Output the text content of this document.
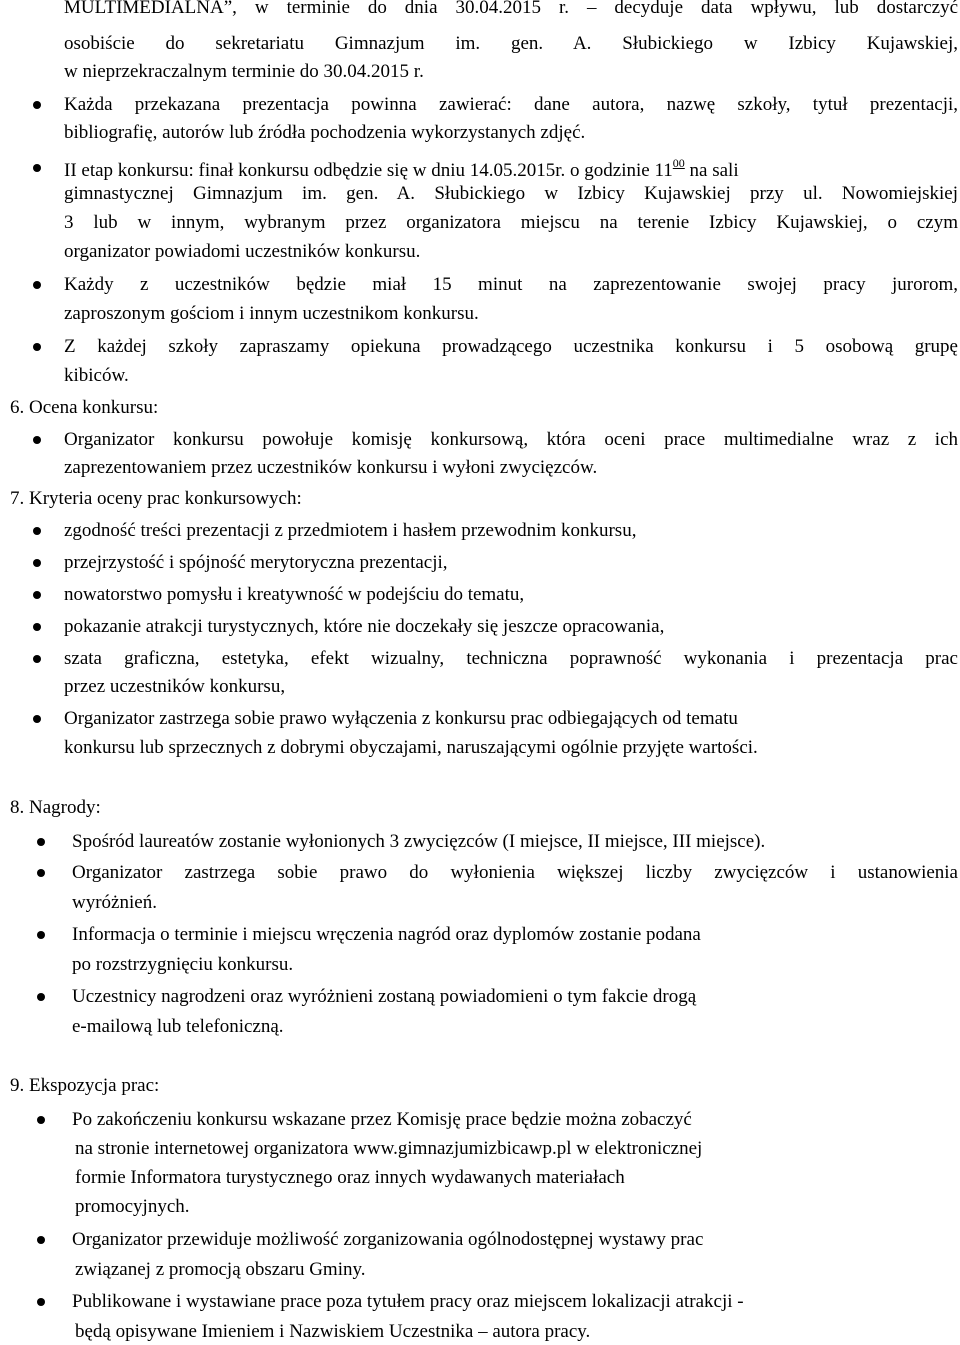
MULTIMEDIALNA”, w terminie do dnia 30.04.2015 r. – decyduje data wpływu, lub dostarczyć
osobiście do sekretariatu Gimnazjum im. gen. A. Słubickiego w Izbicy Kujawskiej,
w nieprzekraczalnym terminie do 30.04.2015 r.
Każda przekazana prezentacja powinna zawierać: dane autora, nazwę szkoły, tytuł prezentacji,
bibliografię, autorów lub źródła pochodzenia wykorzystanych zdjęć.
II etap konkursu: finał konkursu odbędzie się w dniu 14.05.2015r. o godzinie $11^{00}$ na sali
gimnastycznej Gimnazjum im. gen. A. Słubickiego w Izbicy Kujawskiej przy ul. Nowomiejskiej
3 lub w innym, wybranym przez organizatora miejscu na terenie Izbicy Kujawskiej, o czym
organizator powiadomi uczestników konkursu.
Każdy z uczestników będzie miał 15 minut na zaprezentowanie swojej pracy jurorom,
zaproszonym gościom i innym uczestnikom konkursu.
Z każdej szkoły zapraszamy opiekuna prowadzącego uczestnika konkursu i 5 osobową grupę
kibiców.
6. Ocena konkursu:
Organizator konkursu powołuje komisję konkursową, która oceni prace multimedialne wraz z ich
zaprezentowaniem przez uczestników konkursu i wyłoni zwycięzców.
7. Kryteria oceny prac konkursowych:
zgodność treści prezentacji z przedmiotem i hasłem przewodnim konkursu,
przejrzystość i spójność merytoryczna prezentacji,
nowatorstwo pomysłu i kreatywność w podejściu do tematu,
pokazanie atrakcji turystycznych, które nie doczekały się jeszcze opracowania,
szata graficzna, estetyka, efekt wizualny, techniczna poprawność wykonania i prezentacja prac
przez uczestników konkursu,
Organizator zastrzega sobie prawo wyłączenia z konkursu prac odbiegających od tematu
konkursu lub sprzecznych z dobrymi obyczajami, naruszającymi ogólnie przyjęte wartości.
8. Nagrody:
Spośród laureatów zostanie wyłonionych 3 zwycięzców (I miejsce, II miejsce, III miejsce).
Organizator zastrzega sobie prawo do wyłonienia większej liczby zwycięzców i ustanowienia
wyróżnień.
Informacja o terminie i miejscu wręczenia nagród oraz dyplomów zostanie podana
po rozstrzygnięciu konkursu.
Uczestnicy nagrodzeni oraz wyróżnieni zostaną powiadomieni o tym fakcie drogą
e-mailową lub telefoniczną.
9. Ekspozycja prac:
Po zakończeniu konkursu wskazane przez Komisję prace będzie można zobaczyć
na stronie internetowej organizatora www.gimnazjumizbicawp.pl w elektronicznej
formie Informatora turystycznego oraz innych wydawanych materiałach
promocyjnych.
Organizator przewiduje możliwość zorganizowania ogólnodostępnej wystawy prac
związanej z promocją obszaru Gminy.
Publikowane i wystawiane prace poza tytułem pracy oraz miejscem lokalizacji atrakcji -
będą opisywane Imieniem i Nazwiskiem Uczestnika – autora pracy.
